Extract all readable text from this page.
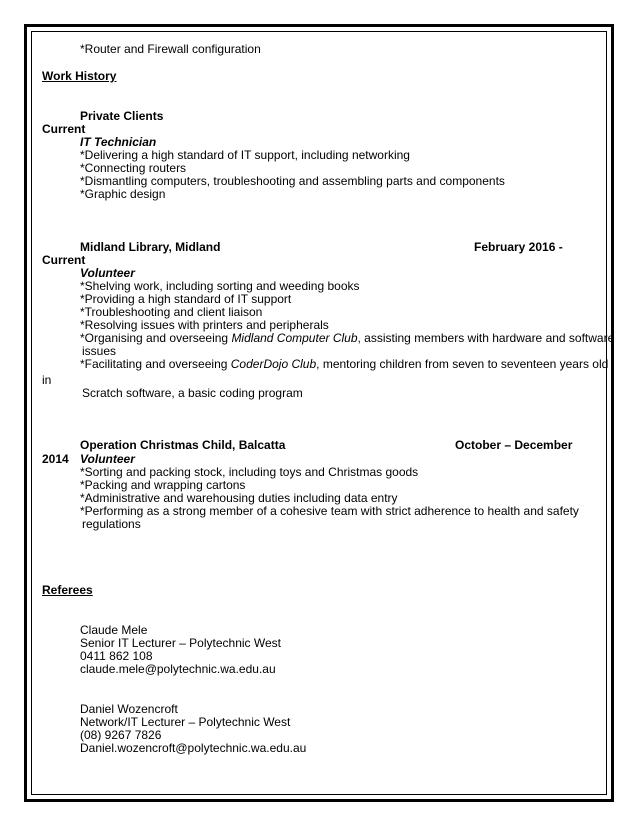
*Router and Firewall configuration
Work History
Private Clients
Current
IT Technician
*Delivering a high standard of IT support, including networking
*Connecting routers
*Dismantling computers, troubleshooting and assembling parts and components
*Graphic design
Midland Library, Midland	February 2016 -
Current
Volunteer
*Shelving work, including sorting and weeding books
*Providing a high standard of IT support
*Troubleshooting and client liaison
*Resolving issues with printers and peripherals
*Organising and overseeing Midland Computer Club, assisting members with hardware and software
issues
*Facilitating and overseeing CoderDojo Club, mentoring children from seven to seventeen years old
in
Scratch software, a basic coding program
Operation Christmas Child, Balcatta	October – December
2014 Volunteer
*Sorting and packing stock, including toys and Christmas goods
*Packing and wrapping cartons
*Administrative and warehousing duties including data entry
*Performing as a strong member of a cohesive team with strict adherence to health and safety
regulations
Referees
Claude Mele
Senior IT Lecturer – Polytechnic West
0411 862 108
claude.mele@polytechnic.wa.edu.au
Daniel Wozencroft
Network/IT Lecturer – Polytechnic West
(08) 9267 7826
Daniel.wozencroft@polytechnic.wa.edu.au
